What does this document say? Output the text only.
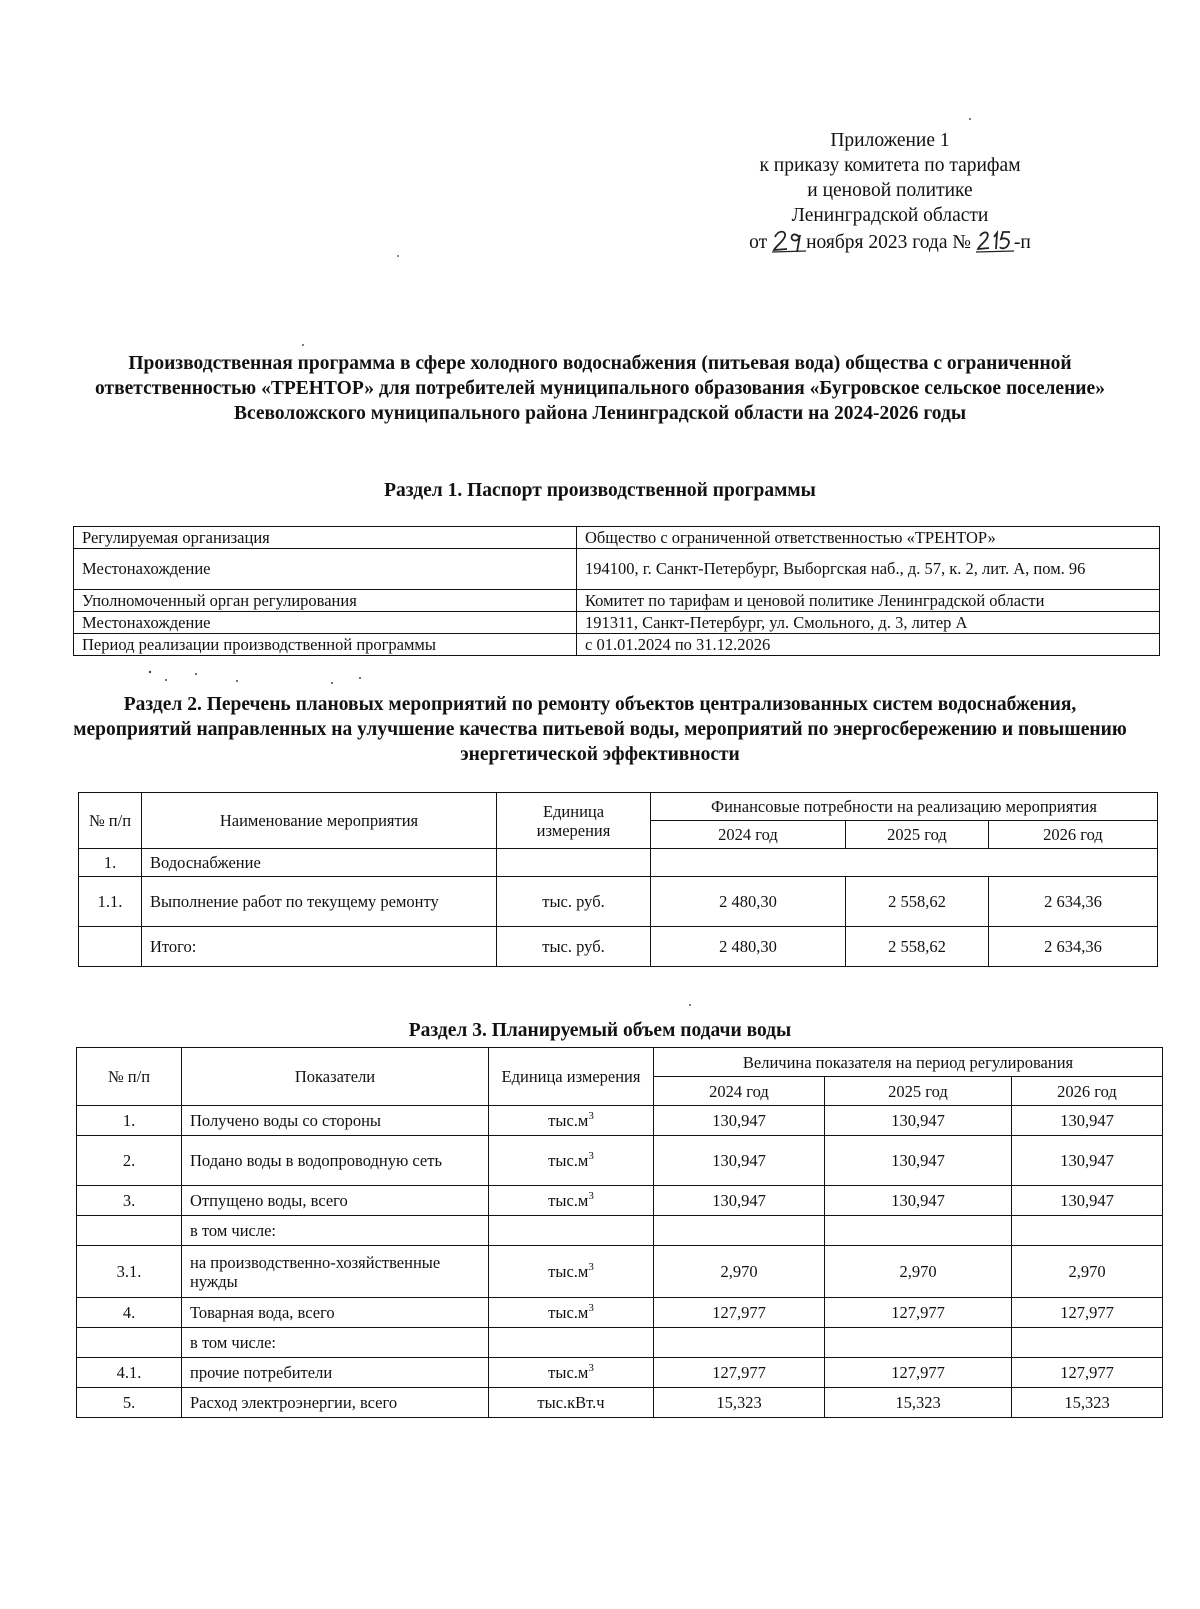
Приложение 1
к приказу комитета по тарифам
и ценовой политике
Ленинградской области
от ноября 2023 года № -п
Производственная программа в сфере холодного водоснабжения (питьевая вода) общества с ограниченной ответственностью «ТРЕНТОР» для потребителей муниципального образования «Бугровское сельское поселение» Всеволожского муниципального района Ленинградской области на 2024-2026 годы
Раздел 1. Паспорт производственной программы
Регулируемая организация	Общество с ограниченной ответственностью «ТРЕНТОР»
Местонахождение	194100, г. Санкт-Петербург, Выборгская наб., д. 57, к. 2, лит. А, пом. 96
Уполномоченный орган регулирования	Комитет по тарифам и ценовой политике Ленинградской области
Местонахождение	191311, Санкт-Петербург, ул. Смольного, д. 3, литер А
Период реализации производственной программы	с 01.01.2024 по 31.12.2026
Раздел 2. Перечень плановых мероприятий по ремонту объектов централизованных систем водоснабжения, мероприятий направленных на улучшение качества питьевой воды, мероприятий по энергосбережению и повышению энергетической эффективности
№ п/п	Наименование мероприятия	Единица измерения	Финансовые потребности на реализацию мероприятия		
			2024 год	2025 год	2026 год
1.	Водоснабжение				
1.1.	Выполнение работ по текущему ремонту	тыс. руб.	2 480,30	2 558,62	2 634,36
	Итого:	тыс. руб.	2 480,30	2 558,62	2 634,36
Раздел 3. Планируемый объем подачи воды
№ п/п	Показатели	Единица измерения	Величина показателя на период регулирования		
			2024 год	2025 год	2026 год
1.	Получено воды со стороны	$тыс.м^3$	130,947	130,947	130,947
2.	Подано воды в водопроводную сеть	$тыс.м^3$	130,947	130,947	130,947
3.	Отпущено воды, всего	$тыс.м^3$	130,947	130,947	130,947
	в том числе:				
3.1.	на производственно-хозяйственные нужды	$тыс.м^3$	2,970	2,970	2,970
4.	Товарная вода, всего	$тыс.м^3$	127,977	127,977	127,977
	в том числе:				
4.1.	прочие потребители	$тыс.м^3$	127,977	127,977	127,977
5.	Расход электроэнергии, всего	тыс.кВт.ч	15,323	15,323	15,323
